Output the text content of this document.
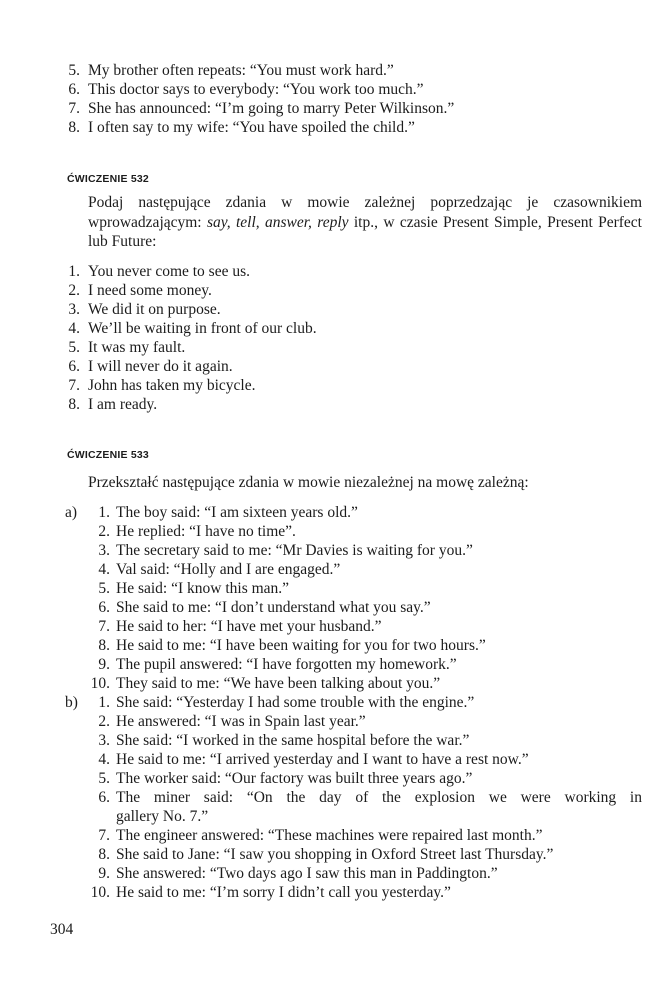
5. My brother often repeats: “You must work hard.”
6. This doctor says to everybody: “You work too much.”
7. She has announced: “I’m going to marry Peter Wilkinson.”
8. I often say to my wife: “You have spoiled the child.”
ĆWICZENIE 532
Podaj następujące zdania w mowie zależnej poprzedzając je czasownikiem wprowadzającym: say, tell, answer, reply itp., w czasie Present Simple, Present Perfect lub Future:
1. You never come to see us.
2. I need some money.
3. We did it on purpose.
4. We’ll be waiting in front of our club.
5. It was my fault.
6. I will never do it again.
7. John has taken my bicycle.
8. I am ready.
ĆWICZENIE 533
Przekształć następujące zdania w mowie niezależnej na mowę zależną:
a)	1. The boy said: “I am sixteen years old.”
2. He replied: “I have no time”.
3. The secretary said to me: “Mr Davies is waiting for you.”
4. Val said: “Holly and I are engaged.”
5. He said: “I know this man.”
6. She said to me: “I don’t understand what you say.”
7. He said to her: “I have met your husband.”
8. He said to me: “I have been waiting for you for two hours.”
9. The pupil answered: “I have forgotten my homework.”
10. They said to me: “We have been talking about you.”
b)	1. She said: “Yesterday I had some trouble with the engine.”
2. He answered: “I was in Spain last year.”
3. She said: “I worked in the same hospital before the war.”
4. He said to me: “I arrived yesterday and I want to have a rest now.”
5. The worker said: “Our factory was built three years ago.”
6. The miner said: “On the day of the explosion we were working in
gallery No. 7.”
7. The engineer answered: “These machines were repaired last month.”
8. She said to Jane: “I saw you shopping in Oxford Street last Thursday.”
9. She answered: “Two days ago I saw this man in Paddington.”
10. He said to me: “I’m sorry I didn’t call you yesterday.”
304
